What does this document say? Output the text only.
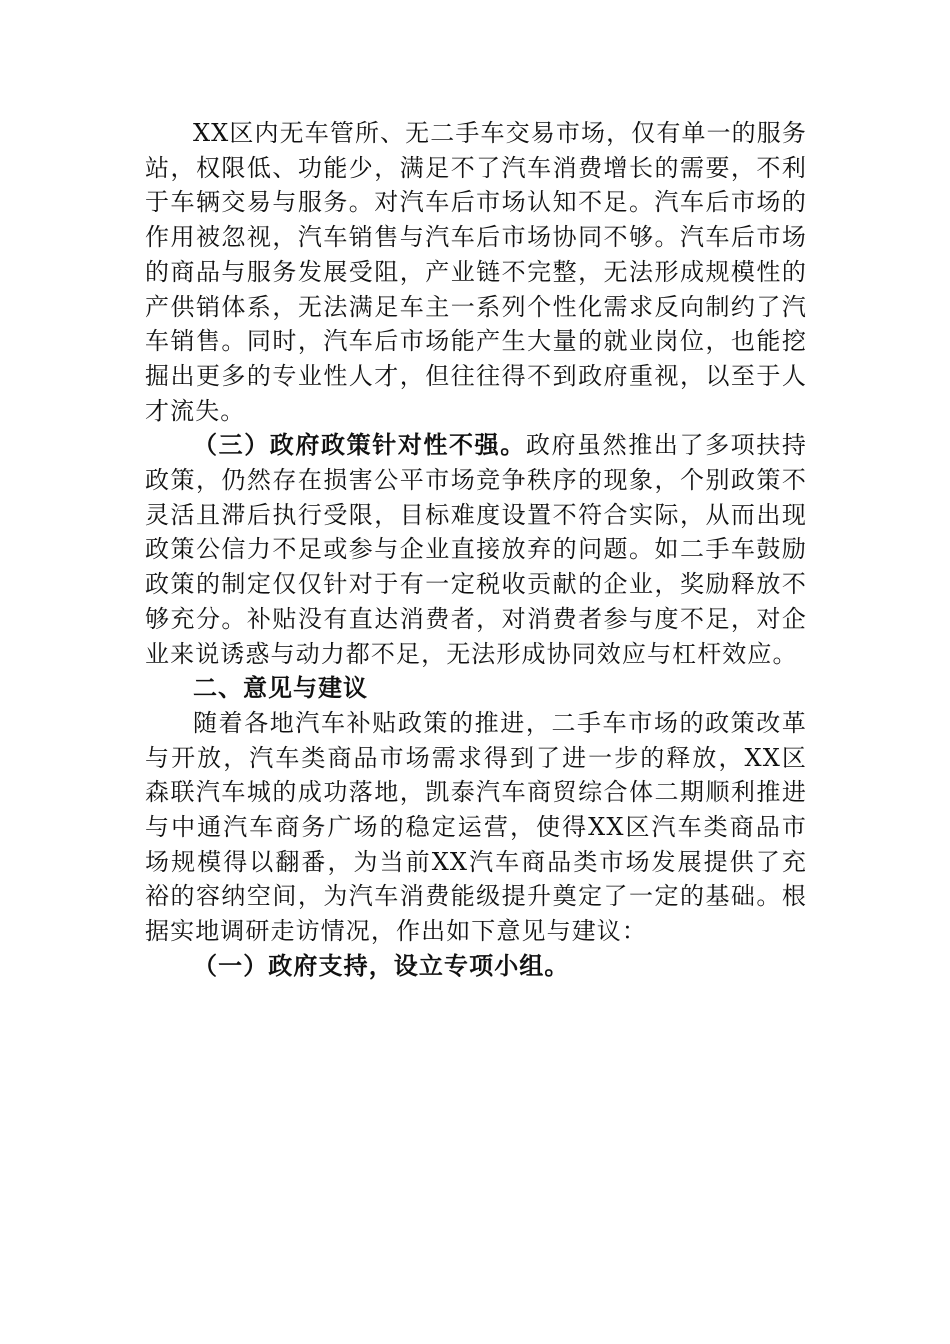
XX区内无车管所、无二手车交易市场，仅有单一的服务站，权限低、功能少，满足不了汽车消费增长的需要，不利于车辆交易与服务。对汽车后市场认知不足。汽车后市场的作用被忽视，汽车销售与汽车后市场协同不够。汽车后市场的商品与服务发展受阻，产业链不完整，无法形成规模性的产供销体系，无法满足车主一系列个性化需求反向制约了汽车销售。同时，汽车后市场能产生大量的就业岗位，也能挖掘出更多的专业性人才，但往往得不到政府重视，以至于人才流失。

（三）政府政策针对性不强。政府虽然推出了多项扶持政策，仍然存在损害公平市场竞争秩序的现象，个别政策不灵活且滞后执行受限，目标难度设置不符合实际，从而出现政策公信力不足或参与企业直接放弃的问题。如二手车鼓励政策的制定仅仅针对于有一定税收贡献的企业，奖励释放不够充分。补贴没有直达消费者，对消费者参与度不足，对企业来说诱惑与动力都不足，无法形成协同效应与杠杆效应。

二、意见与建议

随着各地汽车补贴政策的推进，二手车市场的政策改革与开放，汽车类商品市场需求得到了进一步的释放，XX区森联汽车城的成功落地，凯泰汽车商贸综合体二期顺利推进与中通汽车商务广场的稳定运营，使得XX区汽车类商品市场规模得以翻番，为当前XX汽车商品类市场发展提供了充裕的容纳空间，为汽车消费能级提升奠定了一定的基础。根据实地调研走访情况，作出如下意见与建议：

（一）政府支持，设立专项小组。
